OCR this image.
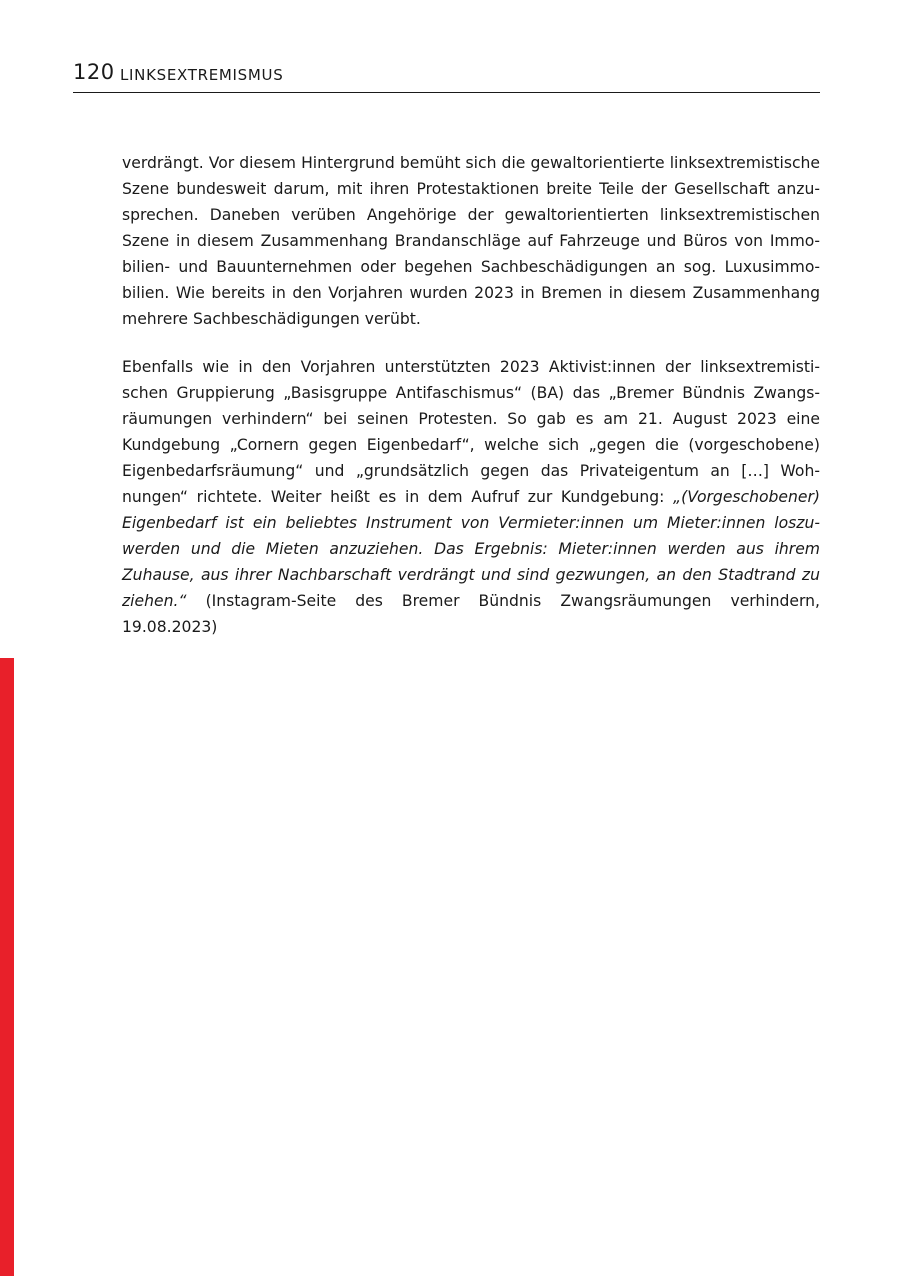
120 LINKSEXTREMISMUS

verdrängt. Vor diesem Hintergrund bemüht sich die gewaltorientierte linksextremistische Szene bundesweit darum, mit ihren Protestaktionen breite Teile der Gesellschaft anzusprechen. Daneben verüben Angehörige der gewaltorientierten linksextremistischen Szene in diesem Zusammenhang Brandanschläge auf Fahrzeuge und Büros von Immobilien- und Bauunternehmen oder begehen Sachbeschädigungen an sog. Luxusimmobilien. Wie bereits in den Vorjahren wurden 2023 in Bremen in diesem Zusammenhang mehrere Sachbeschädigungen verübt.

Ebenfalls wie in den Vorjahren unterstützten 2023 Aktivist:innen der linksextremistischen Gruppierung „Basisgruppe Antifaschismus“ (BA) das „Bremer Bündnis Zwangsräumungen verhindern“ bei seinen Protesten. So gab es am 21. August 2023 eine Kundgebung „Cornern gegen Eigenbedarf“, welche sich „gegen die (vorgeschobene) Eigenbedarfsräumung“ und „grundsätzlich gegen das Privateigentum an […] Wohnungen“ richtete. Weiter heißt es in dem Aufruf zur Kundgebung: „(Vorgeschobener) Eigenbedarf ist ein beliebtes Instrument von Vermieter:innen um Mieter:innen loszuwerden und die Mieten anzuziehen. Das Ergebnis: Mieter:innen werden aus ihrem Zuhause, aus ihrer Nachbarschaft verdrängt und sind gezwungen, an den Stadtrand zu ziehen.“ (Instagram-Seite des Bremer Bündnis Zwangsräumungen verhindern, 19.08.2023)
